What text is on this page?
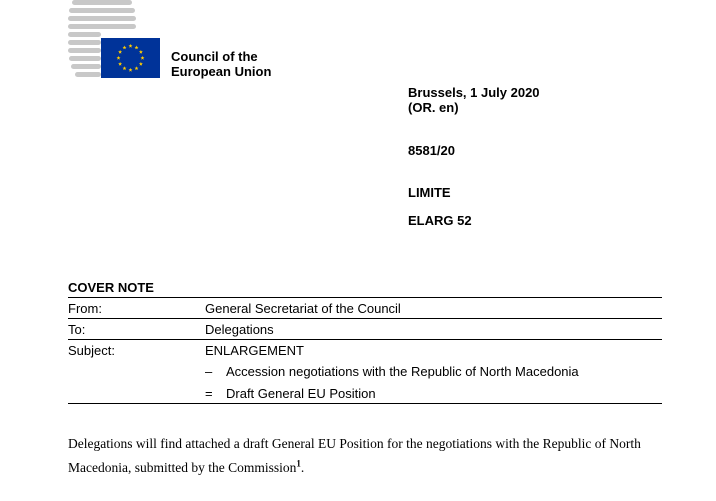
Council of the
European Union
Brussels, 1 July 2020
(OR. en)
8581/20
LIMITE
ELARG 52
COVER NOTE
From:	General Secretariat of the Council
To:	Delegations
Subject:	ENLARGEMENT
– Accession negotiations with the Republic of North Macedonia
= Draft General EU Position
Delegations will find attached a draft General EU Position for the negotiations with the Republic of North Macedonia, submitted by the Commission$^1$.
